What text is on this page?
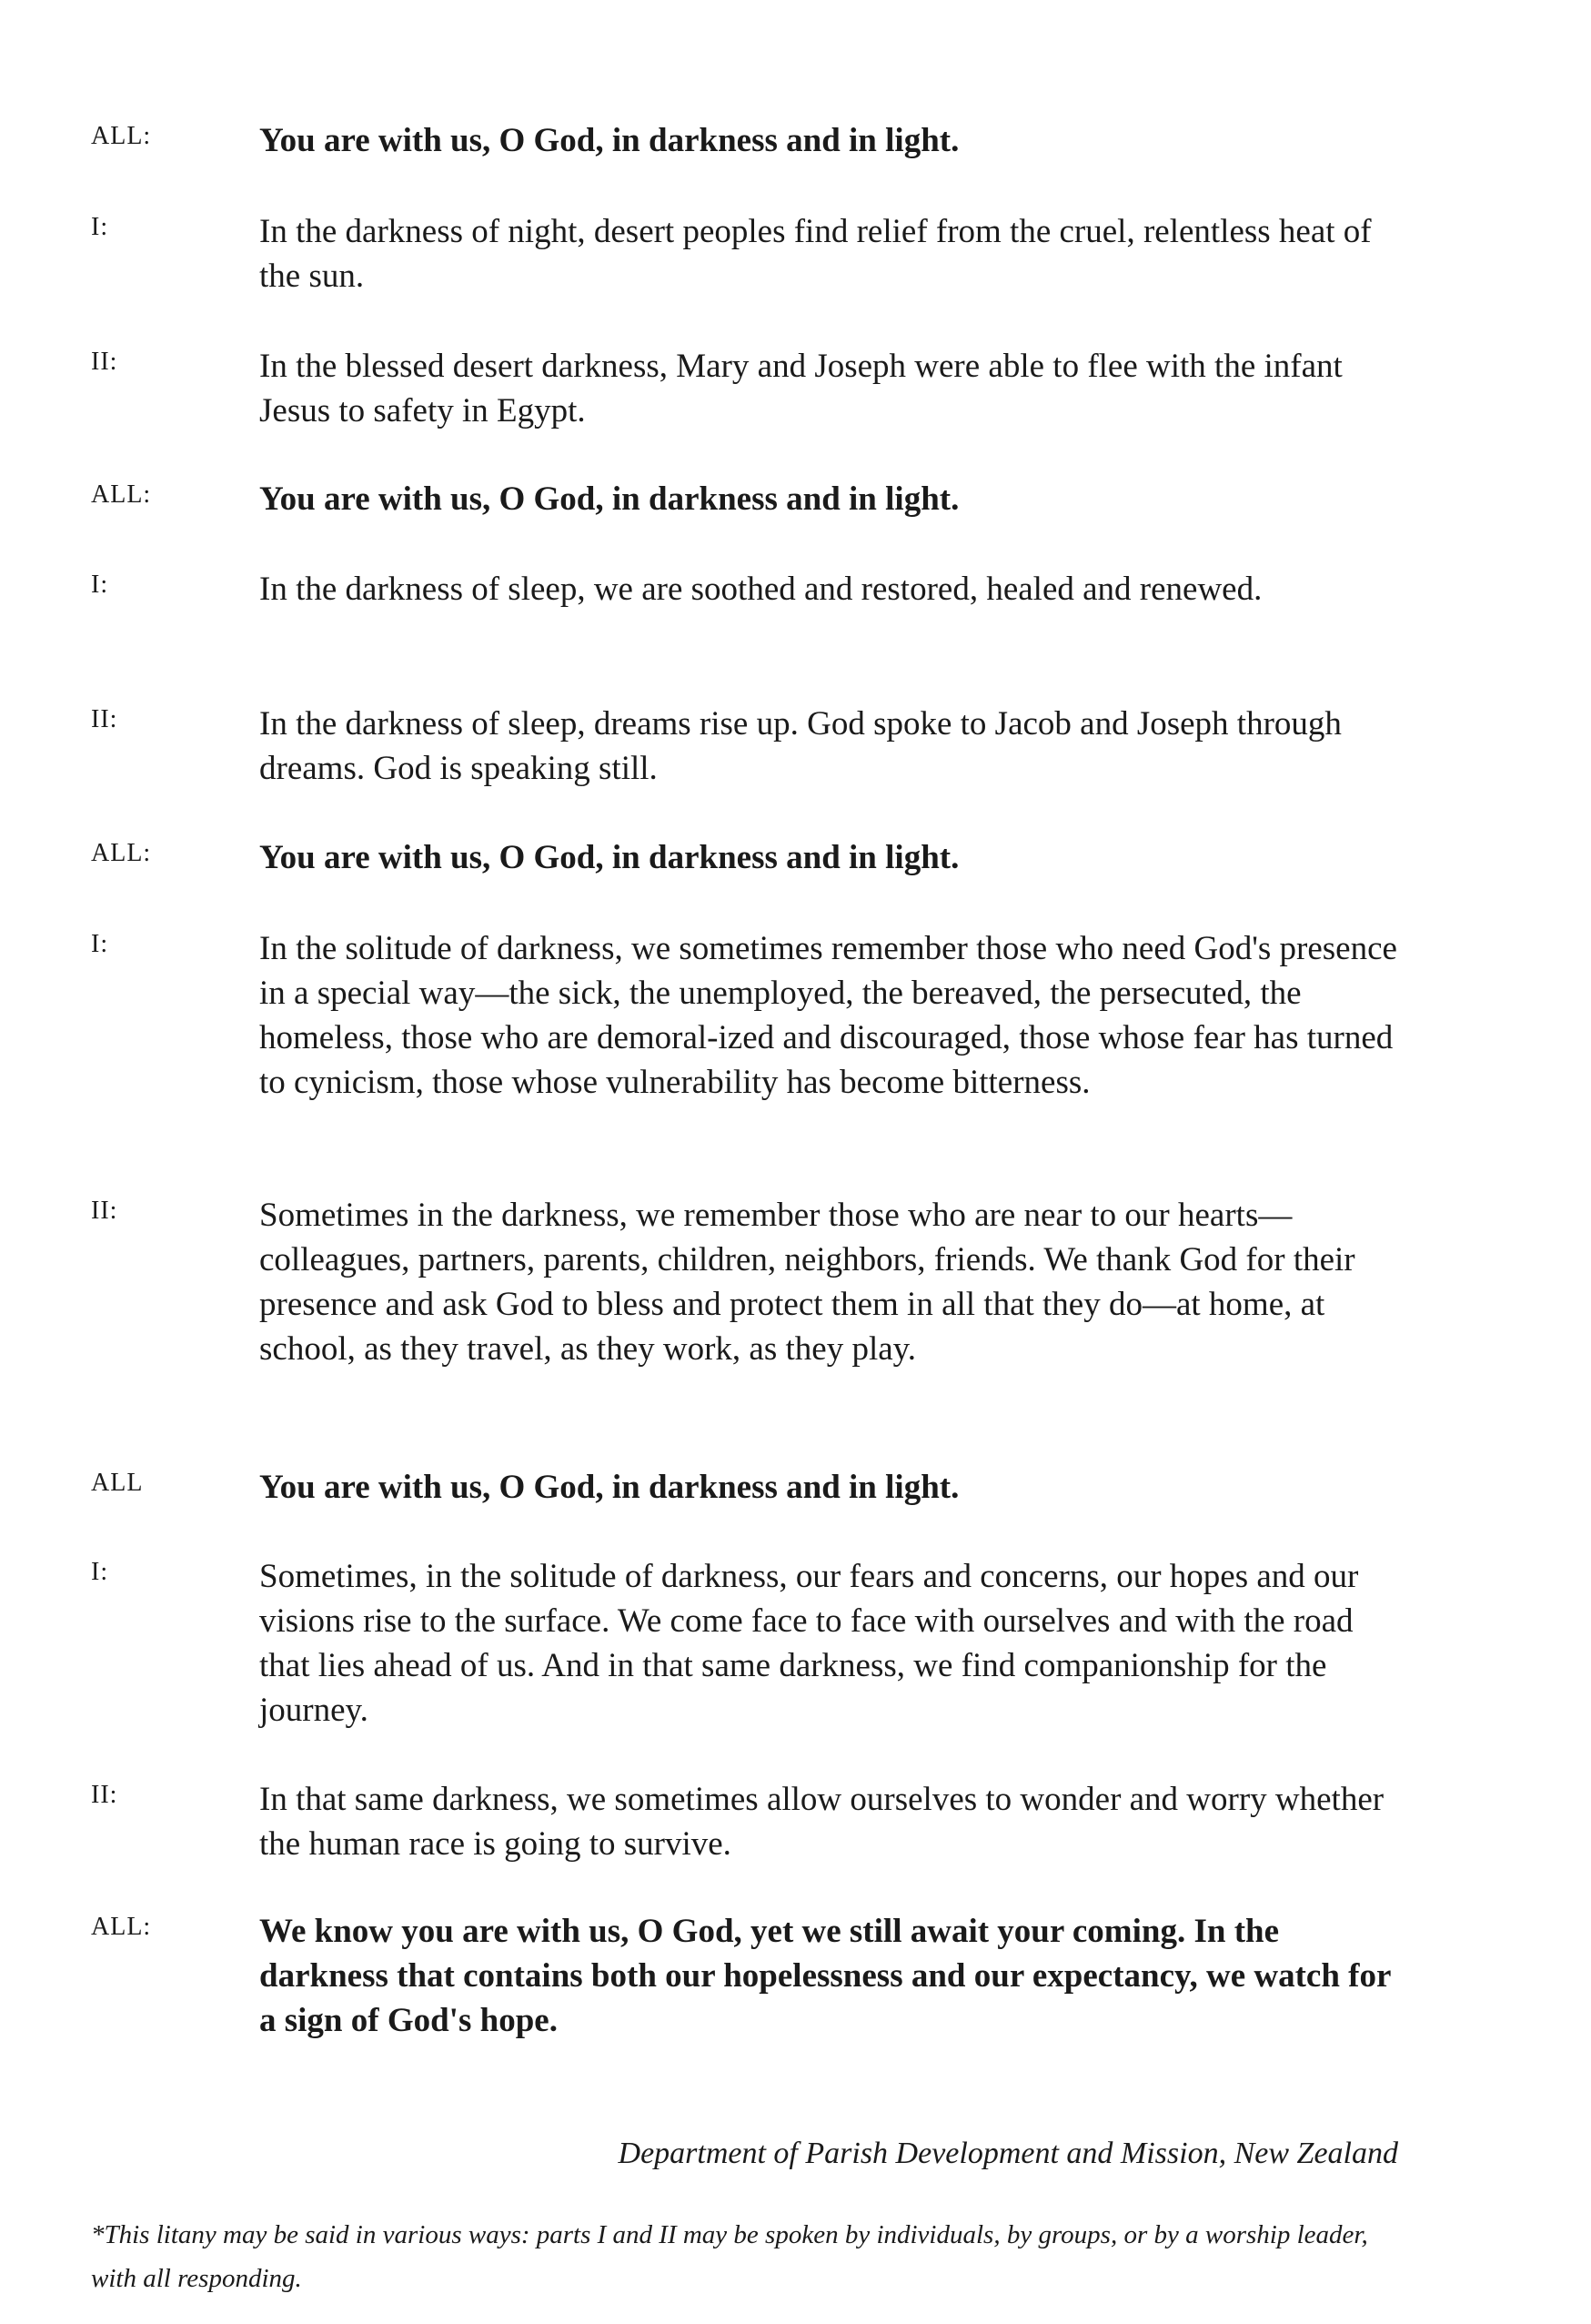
ALL:	You are with us, O God, in darkness and in light.
I:	In the darkness of night, desert peoples find relief from the cruel, relentless heat of the sun.
II:	In the blessed desert darkness, Mary and Joseph were able to flee with the infant Jesus to safety in Egypt.
ALL:	You are with us, O God, in darkness and in light.
I:	In the darkness of sleep, we are soothed and restored, healed and renewed.
II:	In the darkness of sleep, dreams rise up. God spoke to Jacob and Joseph through dreams. God is speaking still.
ALL:	You are with us, O God, in darkness and in light.
I:	In the solitude of darkness, we sometimes remember those who need God's presence in a special way—the sick, the unemployed, the bereaved, the persecuted, the homeless, those who are demoral-ized and discouraged, those whose fear has turned to cynicism, those whose vulnerability has become bitterness.
II:	Sometimes in the darkness, we remember those who are near to our hearts—colleagues, partners, parents, children, neighbors, friends. We thank God for their presence and ask God to bless and protect them in all that they do—at home, at school, as they travel, as they work, as they play.
ALL	You are with us, O God, in darkness and in light.
I:	Sometimes, in the solitude of darkness, our fears and concerns, our hopes and our visions rise to the surface. We come face to face with ourselves and with the road that lies ahead of us. And in that same darkness, we find companionship for the journey.
II:	In that same darkness, we sometimes allow ourselves to wonder and worry whether the human race is going to survive.
ALL:	We know you are with us, O God, yet we still await your coming. In the darkness that contains both our hopelessness and our expectancy, we watch for a sign of God's hope.
Department of Parish Development and Mission, New Zealand
*This litany may be said in various ways: parts I and II may be spoken by individuals, by groups, or by a worship leader, with all responding.
